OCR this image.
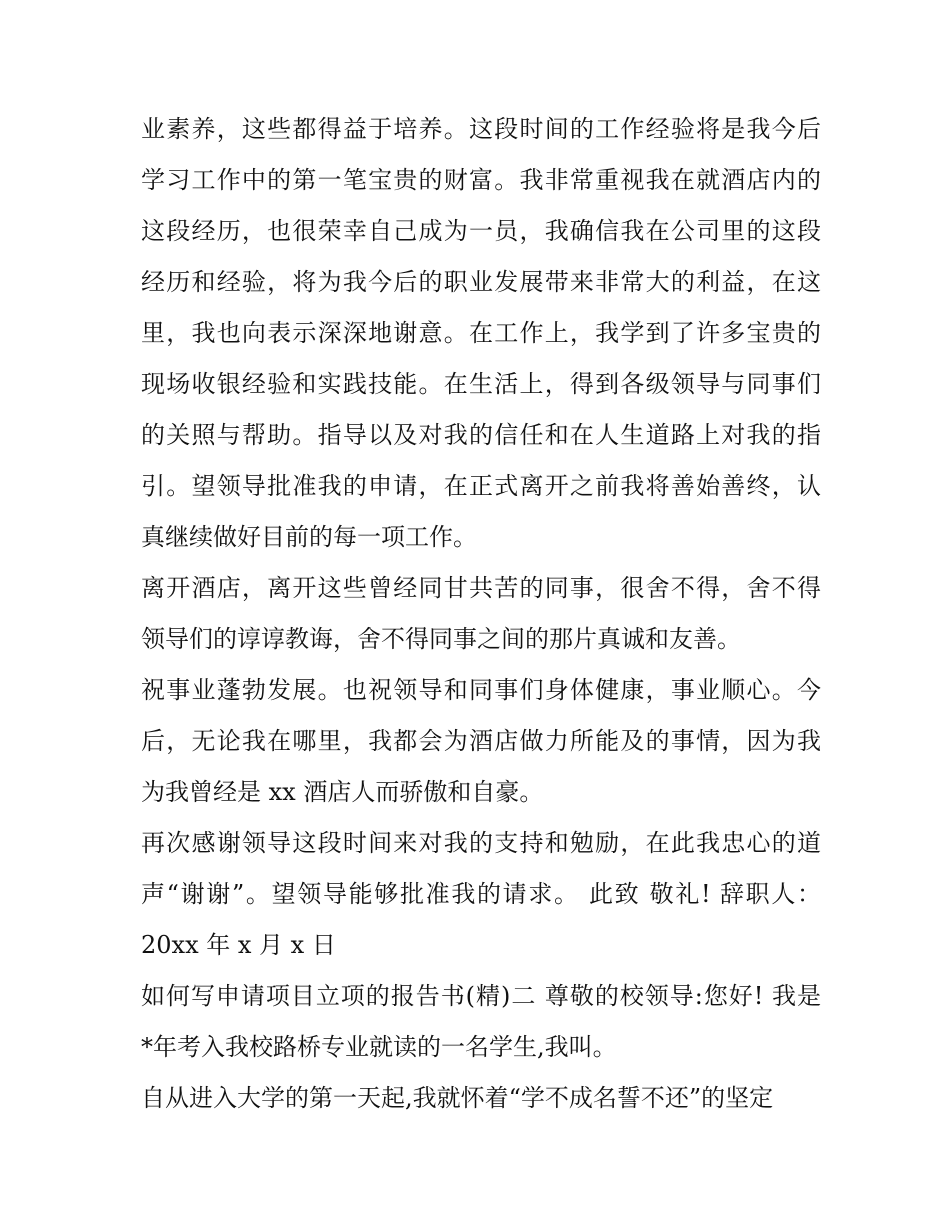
业素养，这些都得益于培养。这段时间的工作经验将是我今后
学习工作中的第一笔宝贵的财富。我非常重视我在就酒店内的
这段经历，也很荣幸自己成为一员，我确信我在公司里的这段
经历和经验，将为我今后的职业发展带来非常大的利益，在这
里，我也向表示深深地谢意。在工作上，我学到了许多宝贵的
现场收银经验和实践技能。在生活上，得到各级领导与同事们
的关照与帮助。指导以及对我的信任和在人生道路上对我的指
引。望领导批准我的申请，在正式离开之前我将善始善终，认
真继续做好目前的每一项工作。
离开酒店，离开这些曾经同甘共苦的同事，很舍不得，舍不得
领导们的谆谆教诲，舍不得同事之间的那片真诚和友善。
祝事业蓬勃发展。也祝领导和同事们身体健康，事业顺心。今
后，无论我在哪里，我都会为酒店做力所能及的事情，因为我
为我曾经是 xx 酒店人而骄傲和自豪。
再次感谢领导这段时间来对我的支持和勉励，在此我忠心的道
声“谢谢”。望领导能够批准我的请求。 此致 敬礼! 辞职人：
20xx 年 x 月 x 日
如何写申请项目立项的报告书(精)二 尊敬的校领导:您好! 我是
*年考入我校路桥专业就读的一名学生,我叫。
自从进入大学的第一天起,我就怀着“学不成名誓不还”的坚定
